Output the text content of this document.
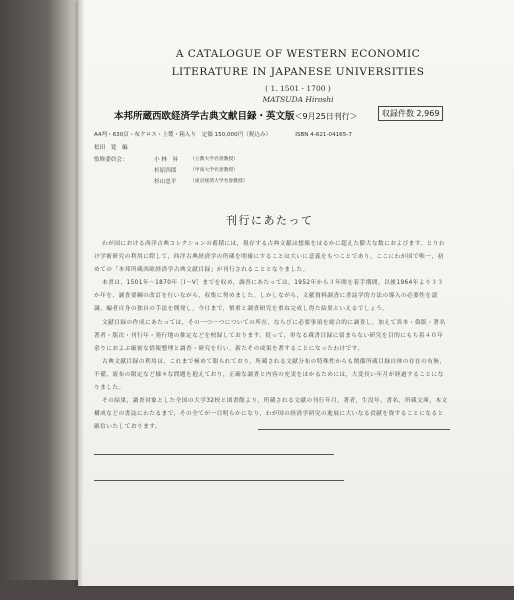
A CATALOGUE OF WESTERN ECONOMIC
LITERATURE IN JAPANESE UNIVERSITIES
( 1. 1501 - 1700 )
MATSUDA Hiroshi
本邦所蔵西欧経済学古典文献目録・英文版＜9月25日刊行＞	収録件数 2,969
A4判・630頁・布クロス・上製・箱入り　定価 150,000円（税込み）	ISBN 4-621-04165-7
松田　寛　編
監修委員会：	小 林　昇 （立教大学名誉教授）
杉原四郎	（甲南大学名誉教授）
杉山忠平	（東京経済大学名誉教授）
刊行にあたって

わが国における西洋古典コレクションの蓄積には，現存する古典文献は想像をはるかに超えた膨大な数におよびます。とりわけ学術研究の利用に際して，西洋古典経済学の所蔵を明確にすることは大いに意義をもつことであり，ここにわが国で唯一，初めての「本邦所蔵西欧経済学古典文献目録」が刊行されることとなりました。

本書は，1501年〜1870年［Ⅰ〜Ⅴ］までを収め，調査にあたっては，1952年から３年間を着手期間，以後1964年より３３か年を，調査要綱の改訂を行いながら，収集に努めました。しかしながら，文献資料調査に書誌学的方法の導入の必要性を認識，編者自身の独自の手法を開発し，今日まで，慎重と調査研究を重ね完成し得た結果といえるでしょう。

文献目録の作成にあたっては，その一つ一つについての所在，ならびに必要事項を総合的に調査し，加えて異本・偽版・著名著者・版次・刊行年・発行地の推定などを校録しております。従って，単なる蔵書目録に留まらない研究を目的にもち着４０年余りにおよぶ厳密な情報整理と調査・研究を行い，新たその成果を著することになったわけです。

古典文献目録の利用は，これまで極めて限られており，所蔵される文献分布の特殊性からも関係所蔵目録自体の存在の有無，不備，流布の限定など様々な問題を抱えており，正確な調査と内容の充実をはかるためには，大変長い年月が経過することになりました。

その結果，調査対象とした全国の大学32校と図書館より，所蔵される文献の刊行年月，著者，生没年，書名，所蔵文庫，本文構成などの書誌にわたるまで，その全てが一目明らかになり，わが国の経済学研究の進展に大いなる貢献を資することになると確信いたしております。
